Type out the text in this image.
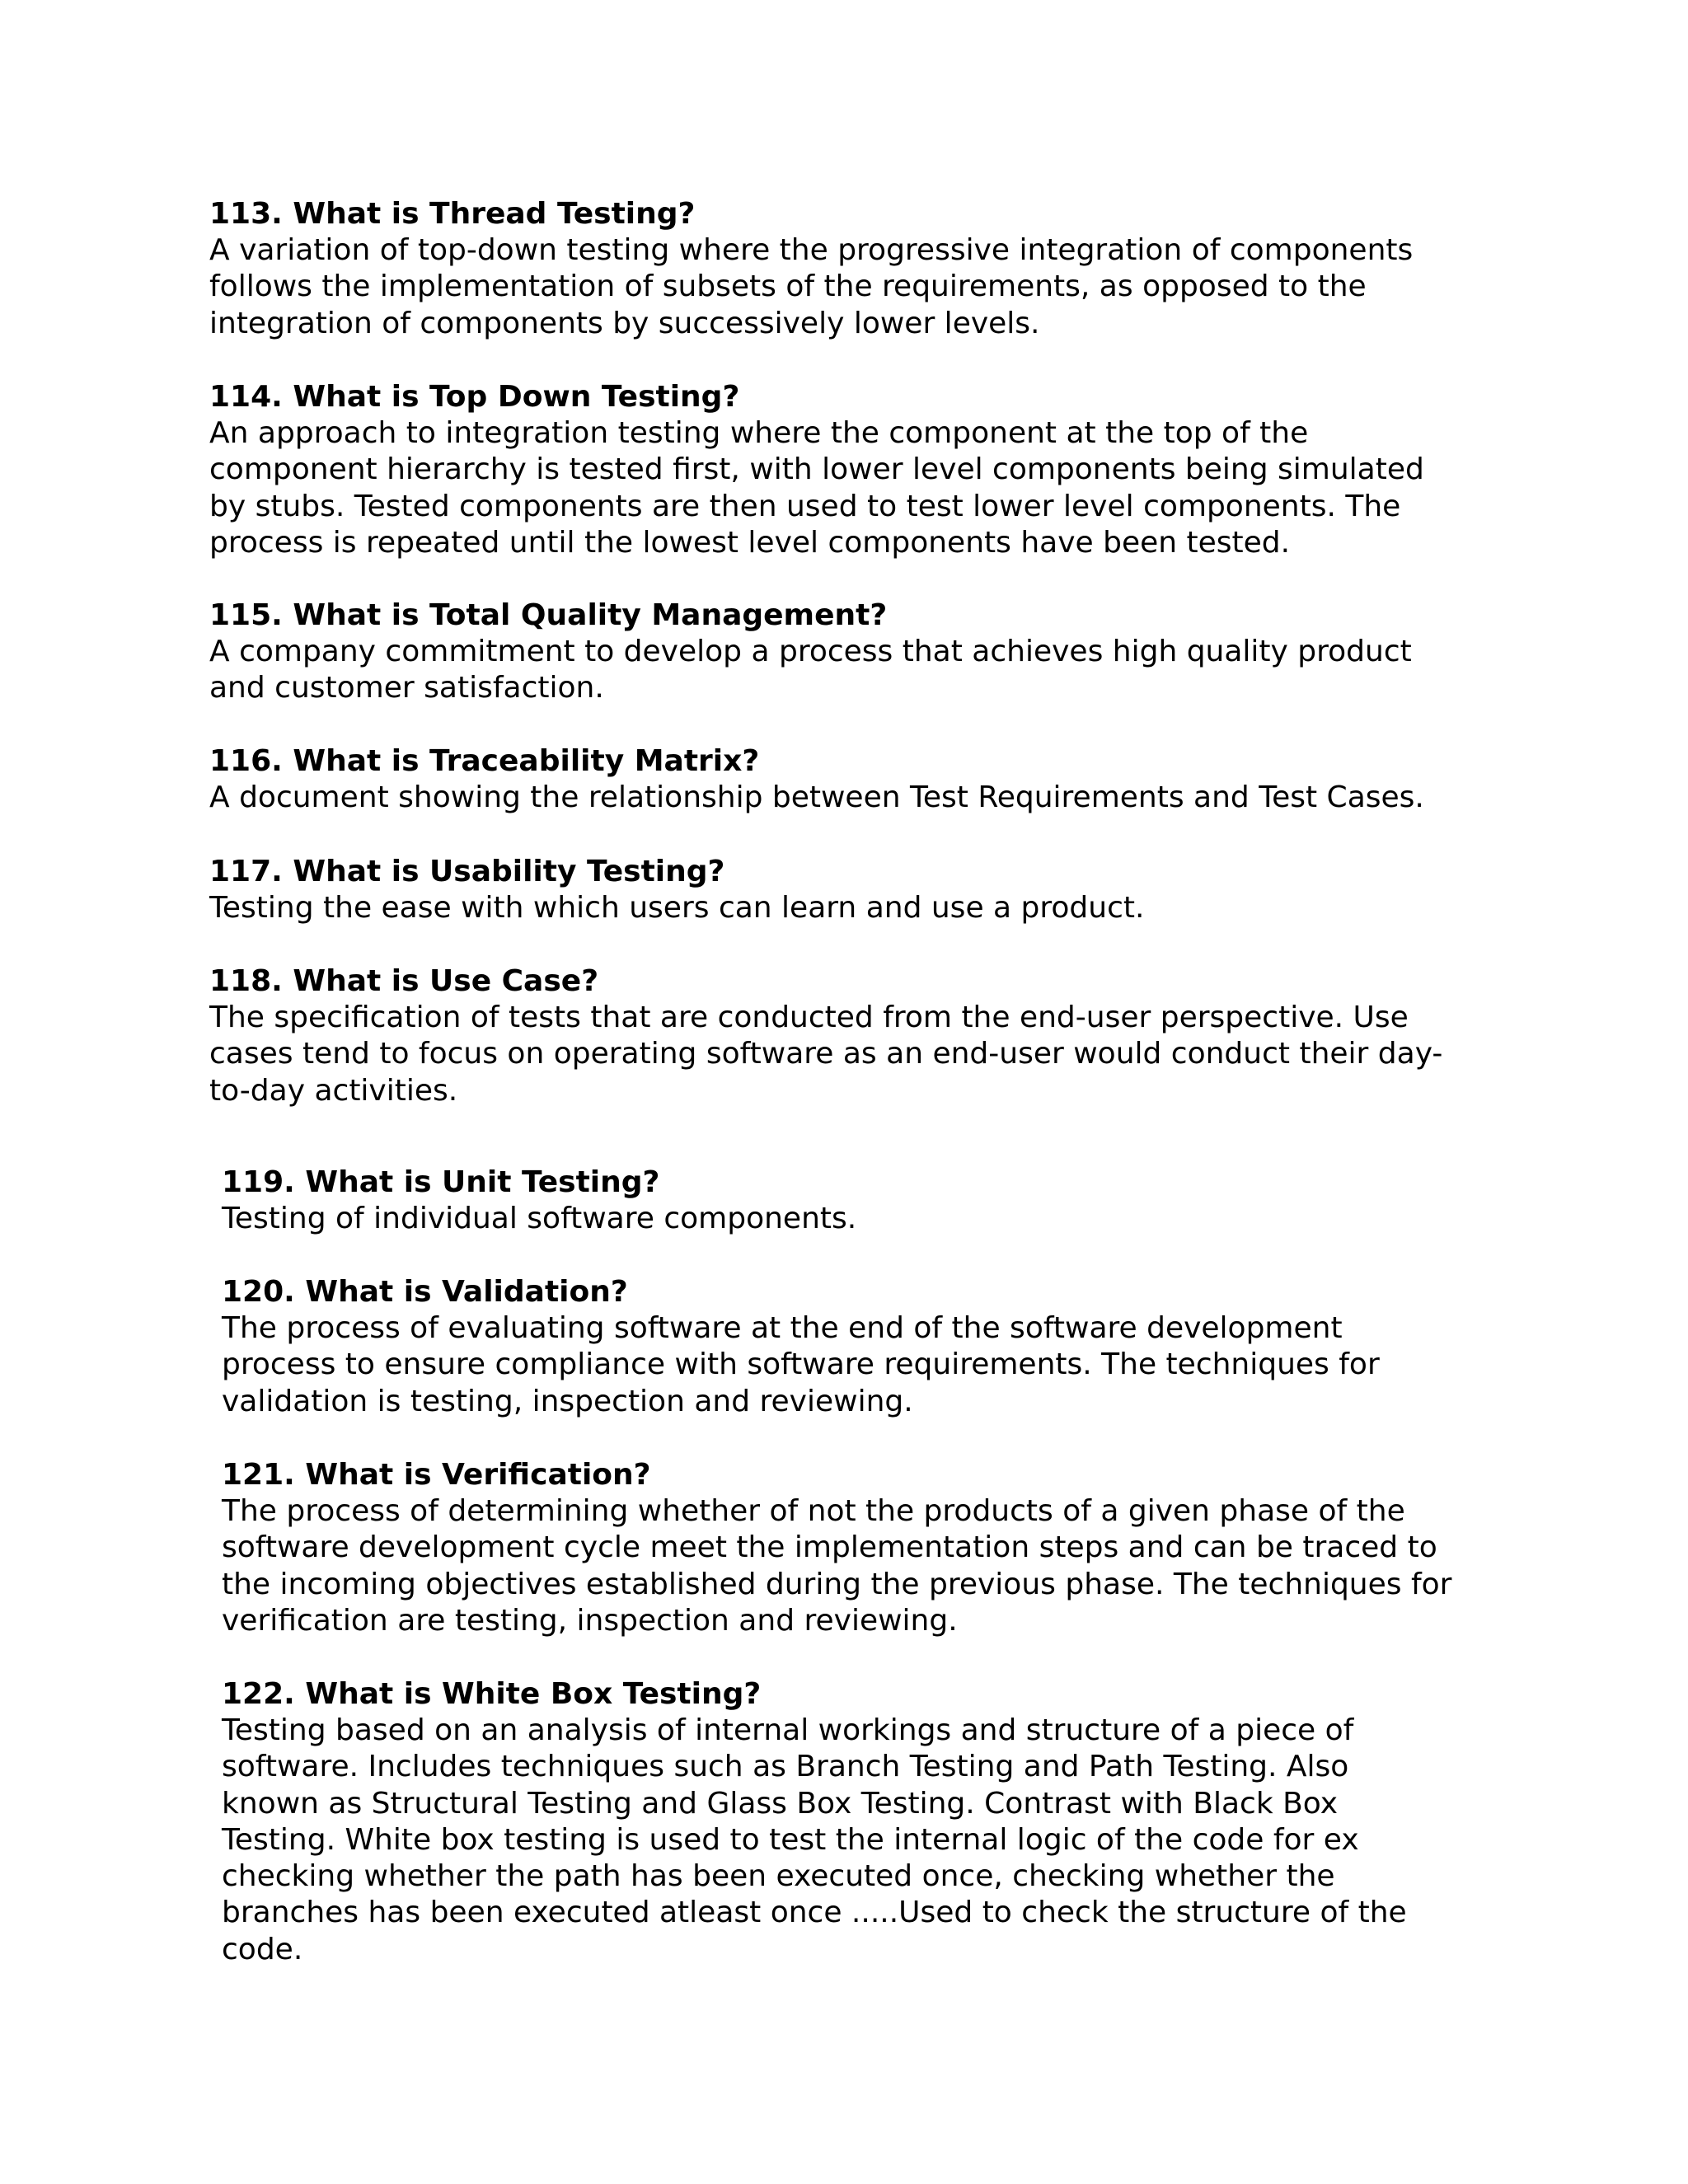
113. What is Thread Testing?

A variation of top-down testing where the progressive integration of components
follows the implementation of subsets of the requirements, as opposed to the
integration of components by successively lower levels.

114. What is Top Down Testing?

An approach to integration testing where the component at the top of the
component hierarchy is tested first, with lower level components being simulated
by stubs. Tested components are then used to test lower level components. The
process is repeated until the lowest level components have been tested.

115. What is Total Quality Management?

A company commitment to develop a process that achieves high quality product
and customer satisfaction.

116. What is Traceability Matrix?

A document showing the relationship between Test Requirements and Test Cases.

117. What is Usability Testing?

Testing the ease with which users can learn and use a product.

118. What is Use Case?

The specification of tests that are conducted from the end-user perspective. Use
cases tend to focus on operating software as an end-user would conduct their day-
to-day activities.

119. What is Unit Testing?

Testing of individual software components.

120. What is Validation?

The process of evaluating software at the end of the software development
process to ensure compliance with software requirements. The techniques for
validation is testing, inspection and reviewing.

121. What is Verification?

The process of determining whether of not the products of a given phase of the
software development cycle meet the implementation steps and can be traced to
the incoming objectives established during the previous phase. The techniques for
verification are testing, inspection and reviewing.

122. What is White Box Testing?

Testing based on an analysis of internal workings and structure of a piece of
software. Includes techniques such as Branch Testing and Path Testing. Also
known as Structural Testing and Glass Box Testing. Contrast with Black Box
Testing. White box testing is used to test the internal logic of the code for ex
checking whether the path has been executed once, checking whether the
branches has been executed atleast once .....Used to check the structure of the
code.
